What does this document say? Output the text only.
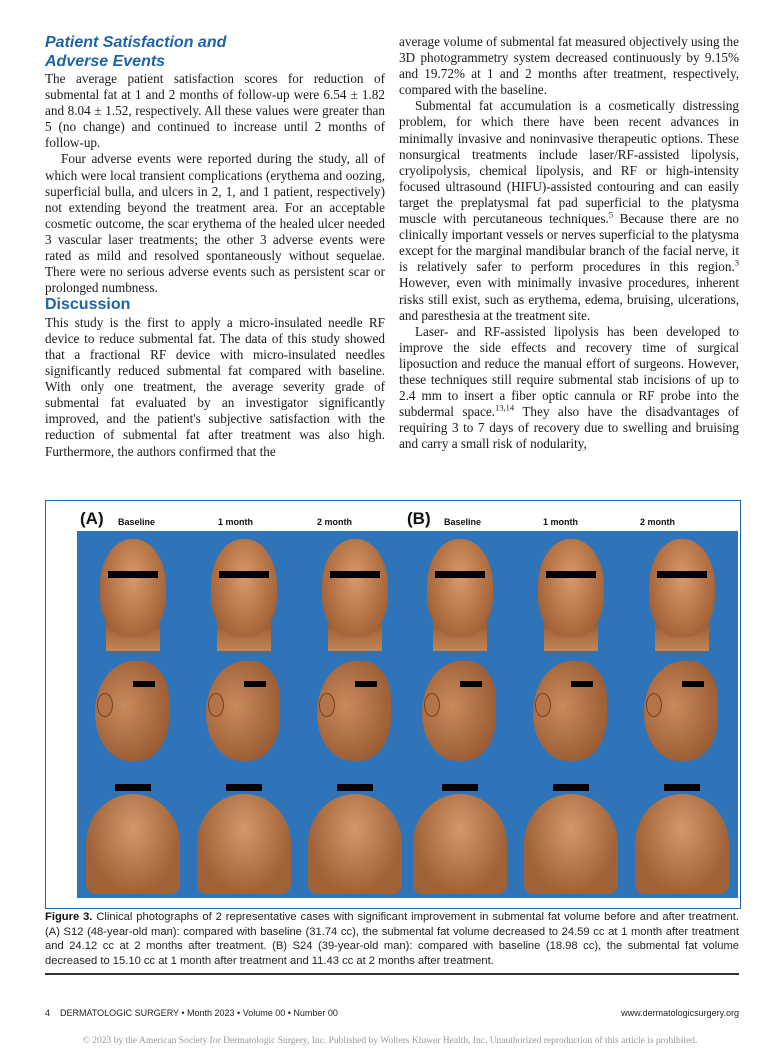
Patient Satisfaction and

Adverse Events

The average patient satisfaction scores for reduction of submental fat at 1 and 2 months of follow-up were 6.54 ± 1.82 and 8.04 ± 1.52, respectively. All these values were greater than 5 (no change) and continued to increase until 2 months of follow-up.

Four adverse events were reported during the study, all of which were local transient complications (erythema and oozing, superficial bulla, and ulcers in 2, 1, and 1 patient, respectively) not extending beyond the treatment area. For an acceptable cosmetic outcome, the scar erythema of the healed ulcer needed 3 vascular laser treatments; the other 3 adverse events were rated as mild and resolved spontaneously without sequelae. There were no serious adverse events such as persistent scar or prolonged numbness.

Discussion

This study is the first to apply a micro-insulated needle RF device to reduce submental fat. The data of this study showed that a fractional RF device with micro-insulated needles significantly reduced submental fat compared with baseline. With only one treatment, the average severity grade of submental fat evaluated by an investigator significantly improved, and the patient's subjective satisfaction with the reduction of submental fat after treatment was also high. Furthermore, the authors confirmed that the

average volume of submental fat measured objectively using the 3D photogrammetry system decreased continuously by 9.15% and 19.72% at 1 and 2 months after treatment, respectively, compared with the baseline.

Submental fat accumulation is a cosmetically distressing problem, for which there have been recent advances in minimally invasive and noninvasive therapeutic options. These nonsurgical treatments include laser/RF-assisted lipolysis, cryolipolysis, chemical lipolysis, and RF or high-intensity focused ultrasound (HIFU)-assisted contouring and can easily target the preplatysmal fat pad superficial to the platysma muscle with percutaneous techniques.$^5$ Because there are no clinically important vessels or nerves superficial to the platysma except for the marginal mandibular branch of the facial nerve, it is relatively safer to perform procedures in this region.$^3$ However, even with minimally invasive procedures, inherent risks still exist, such as erythema, edema, bruising, ulcerations, and paresthesia at the treatment site.

Laser- and RF-assisted lipolysis has been developed to improve the side effects and recovery time of surgical liposuction and reduce the manual effort of surgeons. However, these techniques still require submental stab incisions of up to 2.4 mm to insert a fiber optic cannula or RF probe into the subdermal space.$^{13,14}$ They also have the disadvantages of requiring 3 to 7 days of recovery due to swelling and bruising and carry a small risk of nodularity,

(A) Baseline	1 month	2 month	(B) Baseline	1 month	2 month
Figure 3. Clinical photographs of 2 representative cases with significant improvement in submental fat volume before and after treatment. (A) S12 (48-year-old man): compared with baseline (31.74 cc), the submental fat volume decreased to 24.59 cc at 1 month after treatment and 24.12 cc at 2 months after treatment. (B) S24 (39-year-old man): compared with baseline (18.98 cc), the submental fat volume decreased to 15.10 cc at 1 month after treatment and 11.43 cc at 2 months after treatment.
4    DERMATOLOGIC SURGERY • Month 2023 • Volume 00 • Number 00	www.dermatologicsurgery.org
© 2023 by the American Society for Dermatologic Surgery, Inc. Published by Wolters Kluwer Health, Inc. Unauthorized reproduction of this article is prohibited.
